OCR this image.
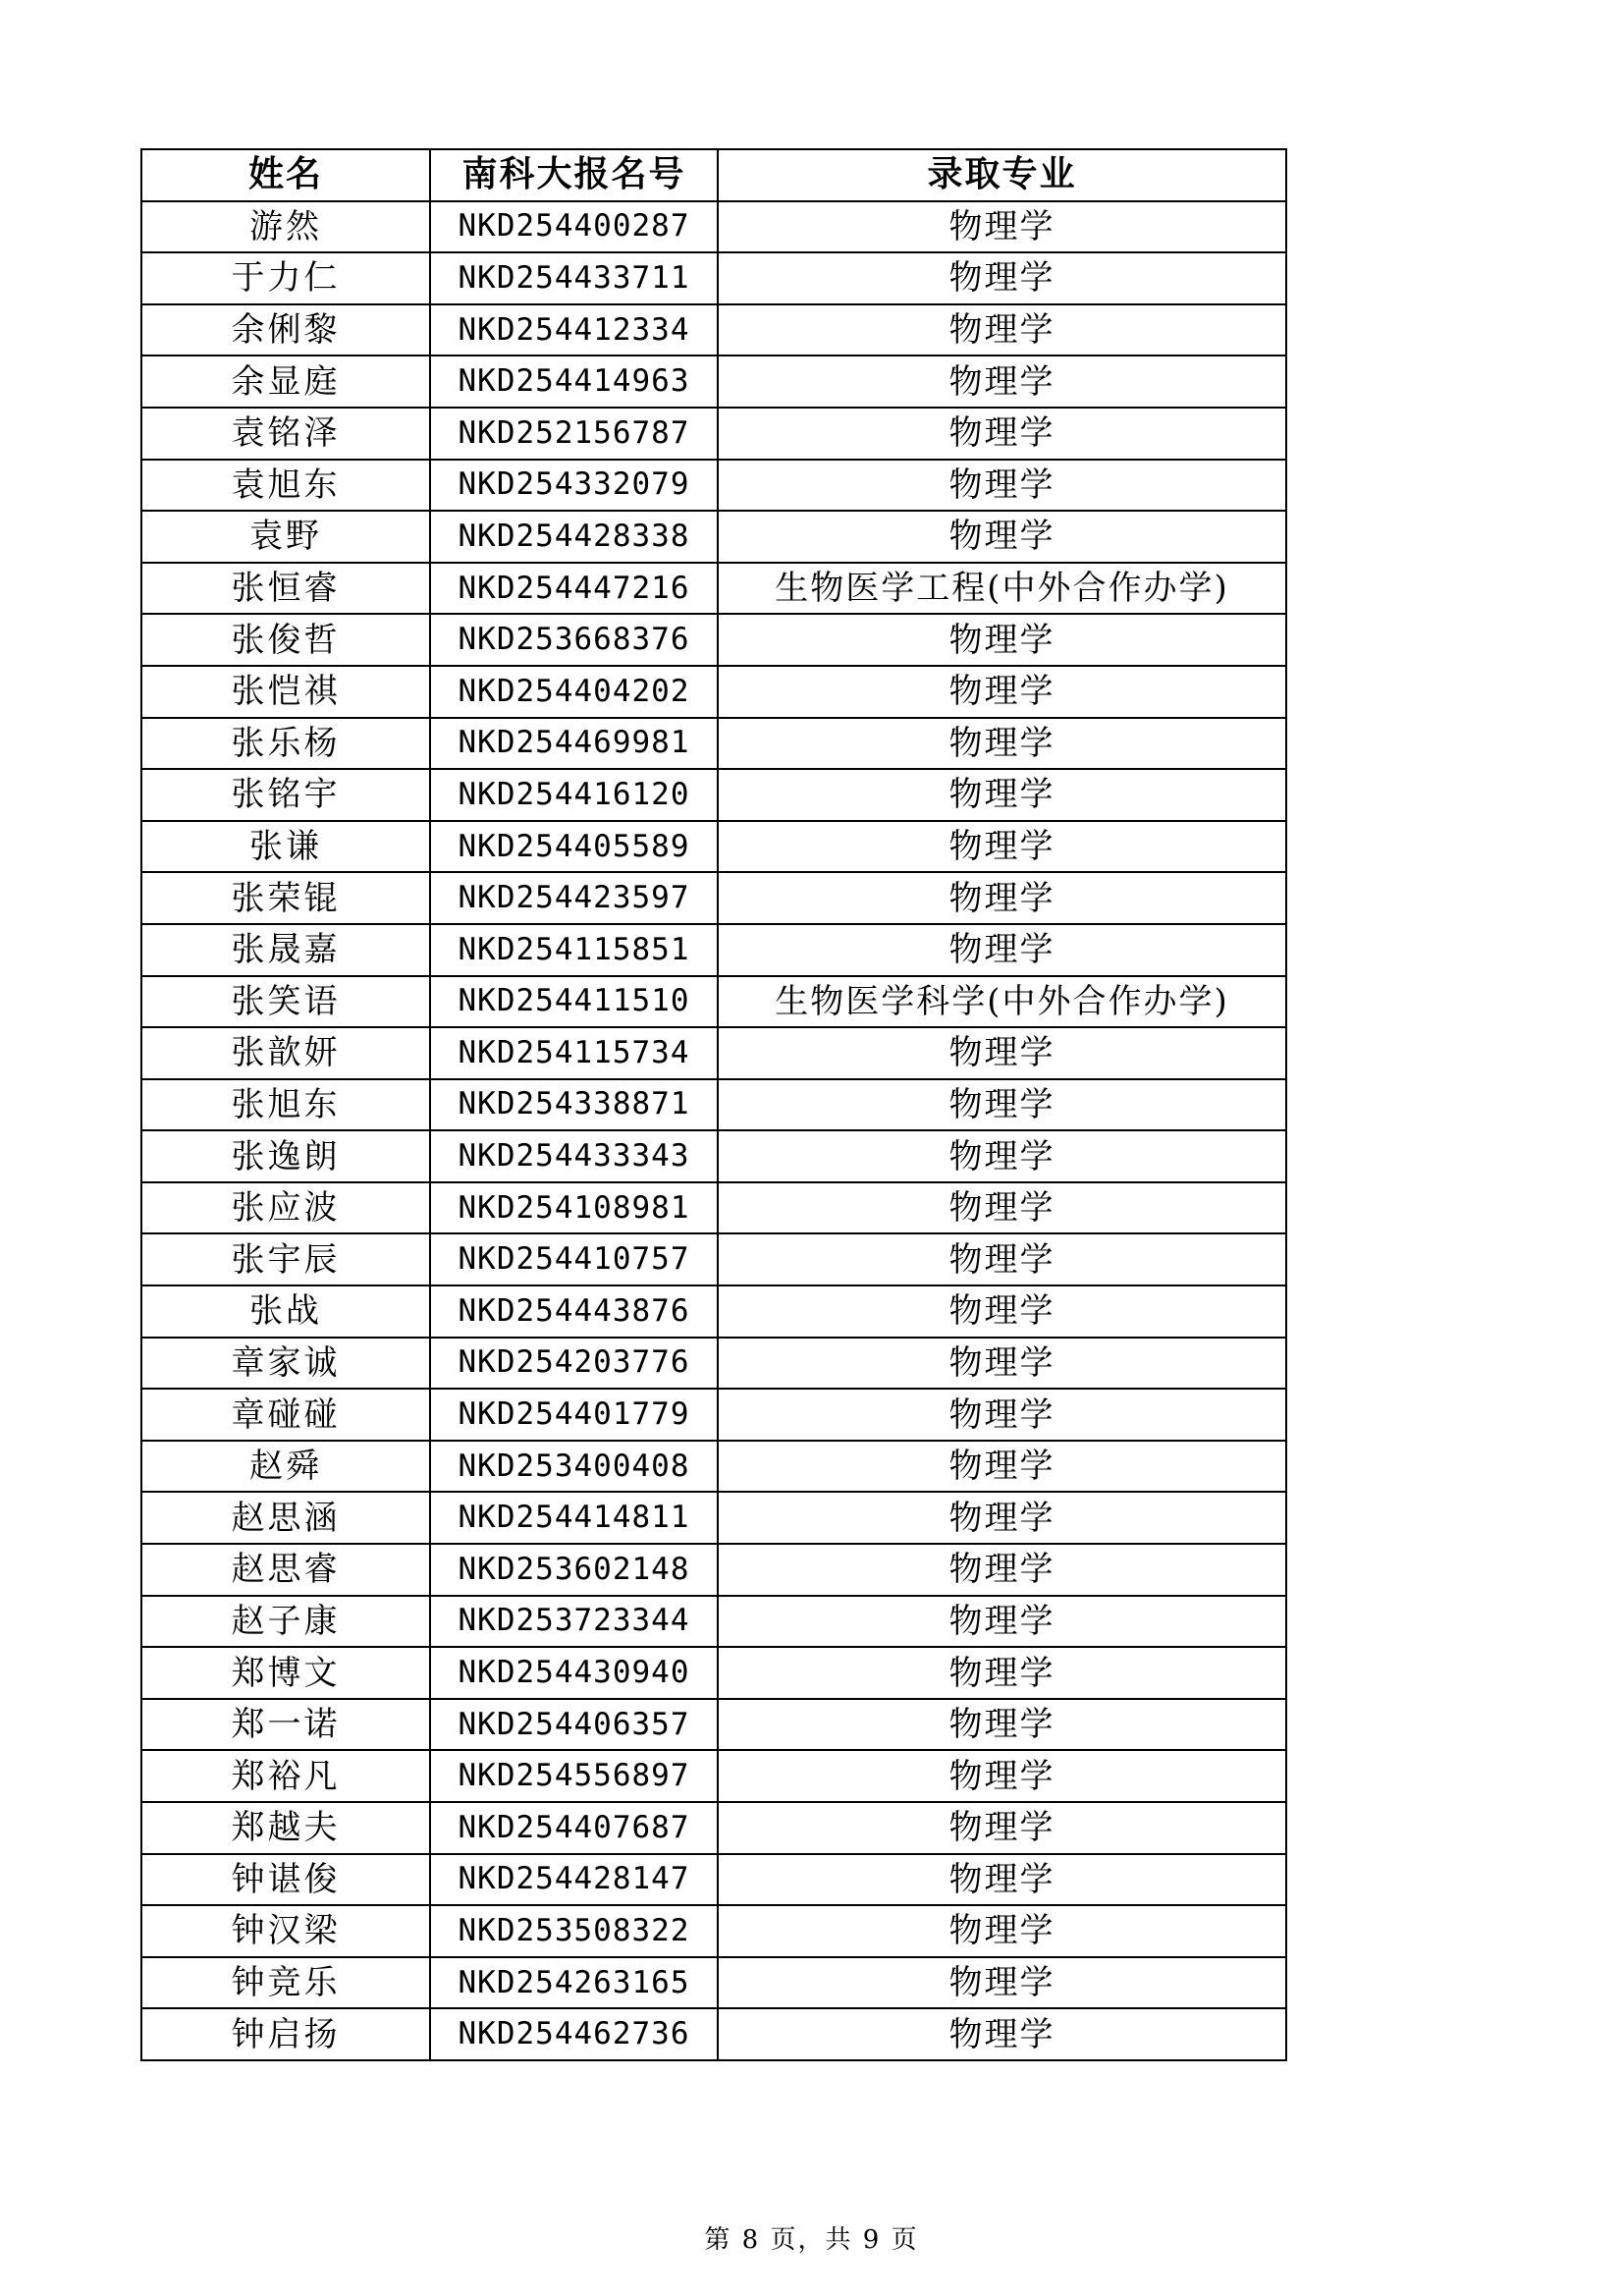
姓名	南科大报名号	录取专业
游然	NKD254400287	物理学
于力仁	NKD254433711	物理学
余俐黎	NKD254412334	物理学
余显庭	NKD254414963	物理学
袁铭泽	NKD252156787	物理学
袁旭东	NKD254332079	物理学
袁野	NKD254428338	物理学
张恒睿	NKD254447216	生物医学工程(中外合作办学)
张俊哲	NKD253668376	物理学
张恺祺	NKD254404202	物理学
张乐杨	NKD254469981	物理学
张铭宇	NKD254416120	物理学
张谦	NKD254405589	物理学
张荣锟	NKD254423597	物理学
张晟嘉	NKD254115851	物理学
张笑语	NKD254411510	生物医学科学(中外合作办学)
张歆妍	NKD254115734	物理学
张旭东	NKD254338871	物理学
张逸朗	NKD254433343	物理学
张应波	NKD254108981	物理学
张宇辰	NKD254410757	物理学
张战	NKD254443876	物理学
章家诚	NKD254203776	物理学
章碰碰	NKD254401779	物理学
赵舜	NKD253400408	物理学
赵思涵	NKD254414811	物理学
赵思睿	NKD253602148	物理学
赵子康	NKD253723344	物理学
郑博文	NKD254430940	物理学
郑一诺	NKD254406357	物理学
郑裕凡	NKD254556897	物理学
郑越夫	NKD254407687	物理学
钟谌俊	NKD254428147	物理学
钟汉梁	NKD253508322	物理学
钟竞乐	NKD254263165	物理学
钟启扬	NKD254462736	物理学
第 8 页，共 9 页
